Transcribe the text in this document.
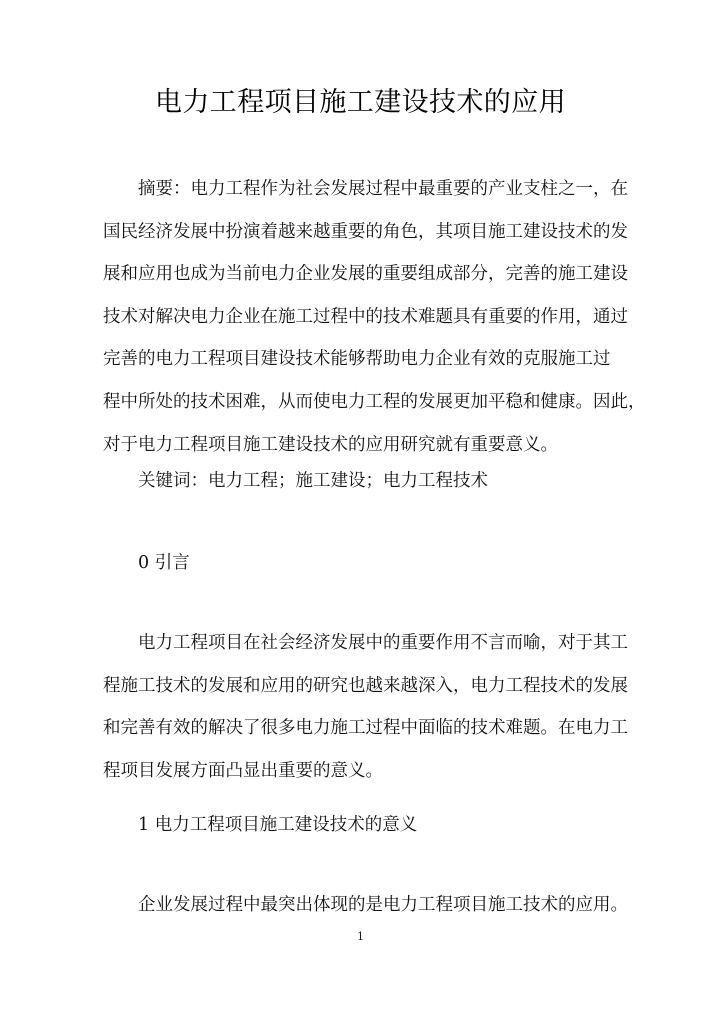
电力工程项目施工建设技术的应用
摘要：电力工程作为社会发展过程中最重要的产业支柱之一，在
国民经济发展中扮演着越来越重要的角色，其项目施工建设技术的发
展和应用也成为当前电力企业发展的重要组成部分，完善的施工建设
技术对解决电力企业在施工过程中的技术难题具有重要的作用，通过
完善的电力工程项目建设技术能够帮助电力企业有效的克服施工过
程中所处的技术困难，从而使电力工程的发展更加平稳和健康。因此，
对于电力工程项目施工建设技术的应用研究就有重要意义。
关键词：电力工程；施工建设；电力工程技术
0 引言
电力工程项目在社会经济发展中的重要作用不言而喻，对于其工
程施工技术的发展和应用的研究也越来越深入，电力工程技术的发展
和完善有效的解决了很多电力施工过程中面临的技术难题。在电力工
程项目发展方面凸显出重要的意义。
1 电力工程项目施工建设技术的意义
企业发展过程中最突出体现的是电力工程项目施工技术的应用。
1
